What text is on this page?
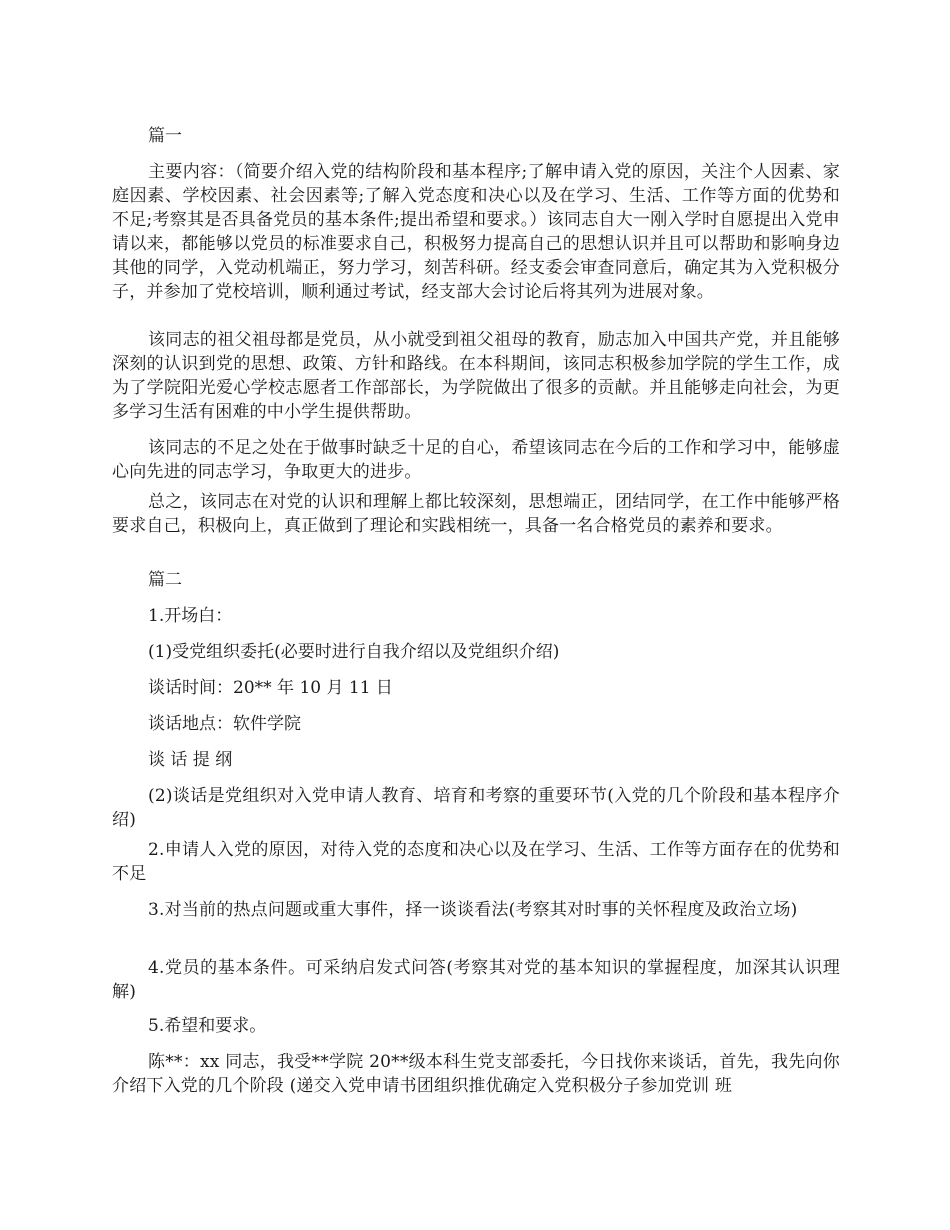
篇一

主要内容：（简要介绍入党的结构阶段和基本程序;了解申请入党的原因，关注个人因素、家庭因素、学校因素、社会因素等;了解入党态度和决心以及在学习、生活、工作等方面的优势和 不足;考察其是否具备党员的基本条件;提出希望和要求。）该同志自大一刚入学时自愿提出入党申请以来，都能够以党员的标准要求自己，积极努力提高自己的思想认识并且可以帮助和影响身边其他的同学，入党动机端正，努力学习，刻苦科研。经支委会审查同意后，确定其为入党积极分子，并参加了党校培训，顺利通过考试，经支部大会讨论后将其列为进展对象。

该同志的祖父祖母都是党员，从小就受到祖父祖母的教育，励志加入中国共产党，并且能够 深刻的认识到党的思想、政策、方针和路线。在本科期间，该同志积极参加学院的学生工作，成 为了学院阳光爱心学校志愿者工作部部长，为学院做出了很多的贡献。并且能够走向社会，为更多学习生活有困难的中小学生提供帮助。

该同志的不足之处在于做事时缺乏十足的自心，希望该同志在今后的工作和学习中，能够虚心向先进的同志学习，争取更大的进步。

总之，该同志在对党的认识和理解上都比较深刻，思想端正，团结同学，在工作中能够严格 要求自己，积极向上，真正做到了理论和实践相统一，具备一名合格党员的素养和要求。

篇二

1.开场白：

(1)受党组织委托(必要时进行自我介绍以及党组织介绍)

谈话时间：20** 年 10 月 11 日

谈话地点：软件学院

谈 话 提 纲

(2)谈话是党组织对入党申请人教育、培育和考察的重要环节(入党的几个阶段和基本程序介绍)

2.申请人入党的原因，对待入党的态度和决心以及在学习、生活、工作等方面存在的优势和不足

3.对当前的热点问题或重大事件，择一谈谈看法(考察其对时事的关怀程度及政治立场)

4.党员的基本条件。可采纳启发式问答(考察其对党的基本知识的掌握程度，加深其认识理解)

5.希望和要求。

陈**：xx 同志，我受**学院 20**级本科生党支部委托，今日找你来谈话，首先，我先向你介绍下入党的几个阶段 (递交入党申请书团组织推优确定入党积极分子参加党训 班
